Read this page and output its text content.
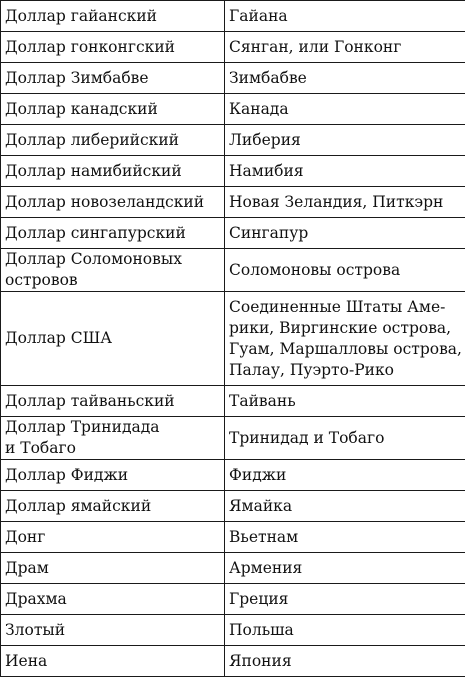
Доллар гайанский	Гайана

Доллар гонконгский	Сянган, или Гонконг

Доллар Зимбабве	Зимбабве

Доллар канадский	Канада

Доллар либерийский	Либерия

Доллар намибийский	Намибия

Доллар новозеландский	Новая Зеландия, Питкэрн

Доллар сингапурский	Сингапур

Доллар Соломоновых
островов	Соломоновы острова

Доллар США	Соединенные Штаты Аме-
рики, Виргинские острова,
Гуам, Маршалловы острова,
Палау, Пуэрто-Рико

Доллар тайваньский	Тайвань

Доллар Тринидада
и Тобаго	Тринидад и Тобаго

Доллар Фиджи	Фиджи

Доллар ямайский	Ямайка

Донг	Вьетнам

Драм	Армения

Драхма	Греция

Злотый	Польша

Иена	Япония
